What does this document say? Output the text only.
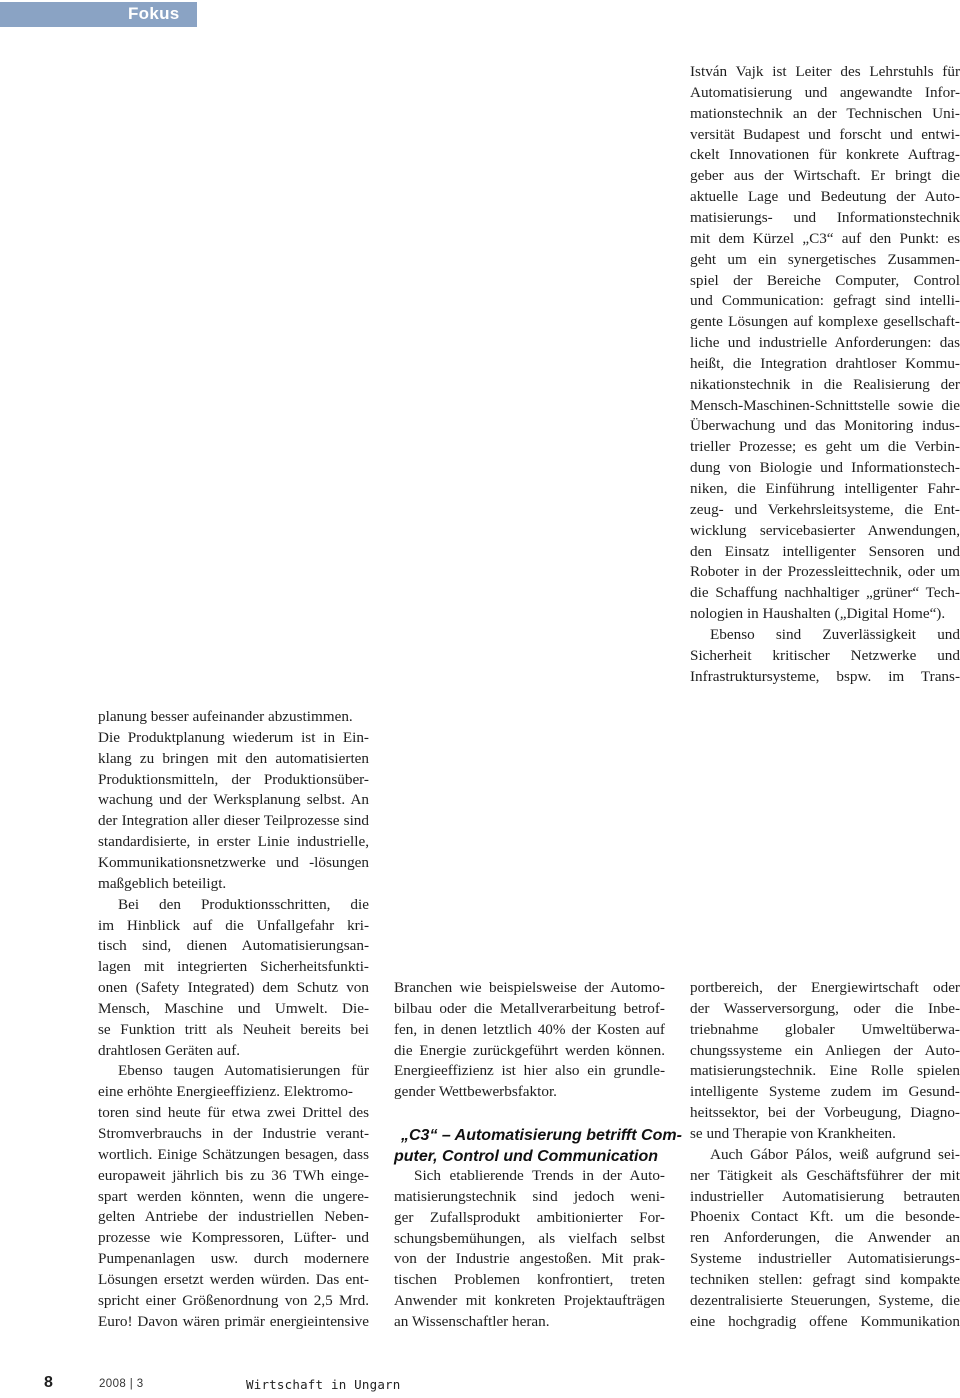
Fokus
István Vajk ist Leiter des Lehrstuhls für
Automatisierung und angewandte Infor-
mationstechnik an der Technischen Uni-
versität Budapest und forscht und entwi-
ckelt Innovationen für konkrete Auftrag-
geber aus der Wirtschaft. Er bringt die
aktuelle Lage und Bedeutung der Auto-
matisierungs- und Informationstechnik
mit dem Kürzel „C3“ auf den Punkt: es
geht um ein synergetisches Zusammen-
spiel der Bereiche Computer, Control
und Communication: gefragt sind intelli-
gente Lösungen auf komplexe gesellschaft-
liche und industrielle Anforderungen: das
heißt, die Integration drahtloser Kommu-
nikationstechnik in die Realisierung der
Mensch-Maschinen-Schnittstelle sowie die
Überwachung und das Monitoring indus-
trieller Prozesse; es geht um die Verbin-
dung von Biologie und Informationstech-
niken, die Einführung intelligenter Fahr-
zeug- und Verkehrsleitsysteme, die Ent-
wicklung servicebasierter Anwendungen,
den Einsatz intelligenter Sensoren und
Roboter in der Prozessleittechnik, oder um
die Schaffung nachhaltiger „grüner“ Tech-
nologien in Haushalten („Digital Home“).
Ebenso sind Zuverlässigkeit und
Sicherheit kritischer Netzwerke und
Infrastruktursysteme, bspw. im Trans-
planung besser aufeinander abzustimmen.
Die Produktplanung wiederum ist in Ein-
klang zu bringen mit den automatisierten
Produktionsmitteln, der Produktionsüber-
wachung und der Werksplanung selbst. An
der Integration aller dieser Teilprozesse sind
standardisierte, in erster Linie industrielle,
Kommunikationsnetzwerke und -lösungen
maßgeblich beteiligt.
Bei den Produktionsschritten, die
im Hinblick auf die Unfallgefahr kri-
tisch sind, dienen Automatisierungsan-
lagen mit integrierten Sicherheitsfunkti-
onen (Safety Integrated) dem Schutz von
Mensch, Maschine und Umwelt. Die-
se Funktion tritt als Neuheit bereits bei
drahtlosen Geräten auf.
Ebenso taugen Automatisierungen für
eine erhöhte Energieeffizienz. Elektromo-
toren sind heute für etwa zwei Drittel des
Stromverbrauchs in der Industrie verant-
wortlich. Einige Schätzungen besagen, dass
europaweit jährlich bis zu 36 TWh einge-
spart werden könnten, wenn die ungere-
gelten Antriebe der industriellen Neben-
prozesse wie Kompressoren, Lüfter- und
Pumpenanlagen usw. durch modernere
Lösungen ersetzt werden würden. Das ent-
spricht einer Größenordnung von 2,5 Mrd.
Euro! Davon wären primär energieintensive
Branchen wie beispielsweise der Automo-
bilbau oder die Metallverarbeitung betrof-
fen, in denen letztlich 40% der Kosten auf
die Energie zurückgeführt werden können.
Energieeffizienz ist hier also ein grundle-
gender Wettbewerbsfaktor.
Sich etablierende Trends in der Auto-
matisierungstechnik sind jedoch weni-
ger Zufallsprodukt ambitionierter For-
schungsbemühungen, als vielfach selbst
von der Industrie angestoßen. Mit prak-
tischen Problemen konfrontiert, treten
Anwender mit konkreten Projektaufträgen
an Wissenschaftler heran.
portbereich, der Energiewirtschaft oder
der Wasserversorgung, oder die Inbe-
triebnahme globaler Umweltüberwa-
chungssysteme ein Anliegen der Auto-
matisierungstechnik. Eine Rolle spielen
intelligente Systeme zudem im Gesund-
heitssektor, bei der Vorbeugung, Diagno-
se und Therapie von Krankheiten.
Auch Gábor Pálos, weiß aufgrund sei-
ner Tätigkeit als Geschäftsführer der mit
industrieller Automatisierung betrauten
Phoenix Contact Kft. um die besonde-
ren Anforderungen, die Anwender an
Systeme industrieller Automatisierungs-
techniken stellen: gefragt sind kompakte
dezentralisierte Steuerungen, Systeme, die
eine hochgradig offene Kommunikation
„C3“ – Automatisierung betrifft Com-
puter, Control und Communication
8	2008 | 3	Wirtschaft in Ungarn
